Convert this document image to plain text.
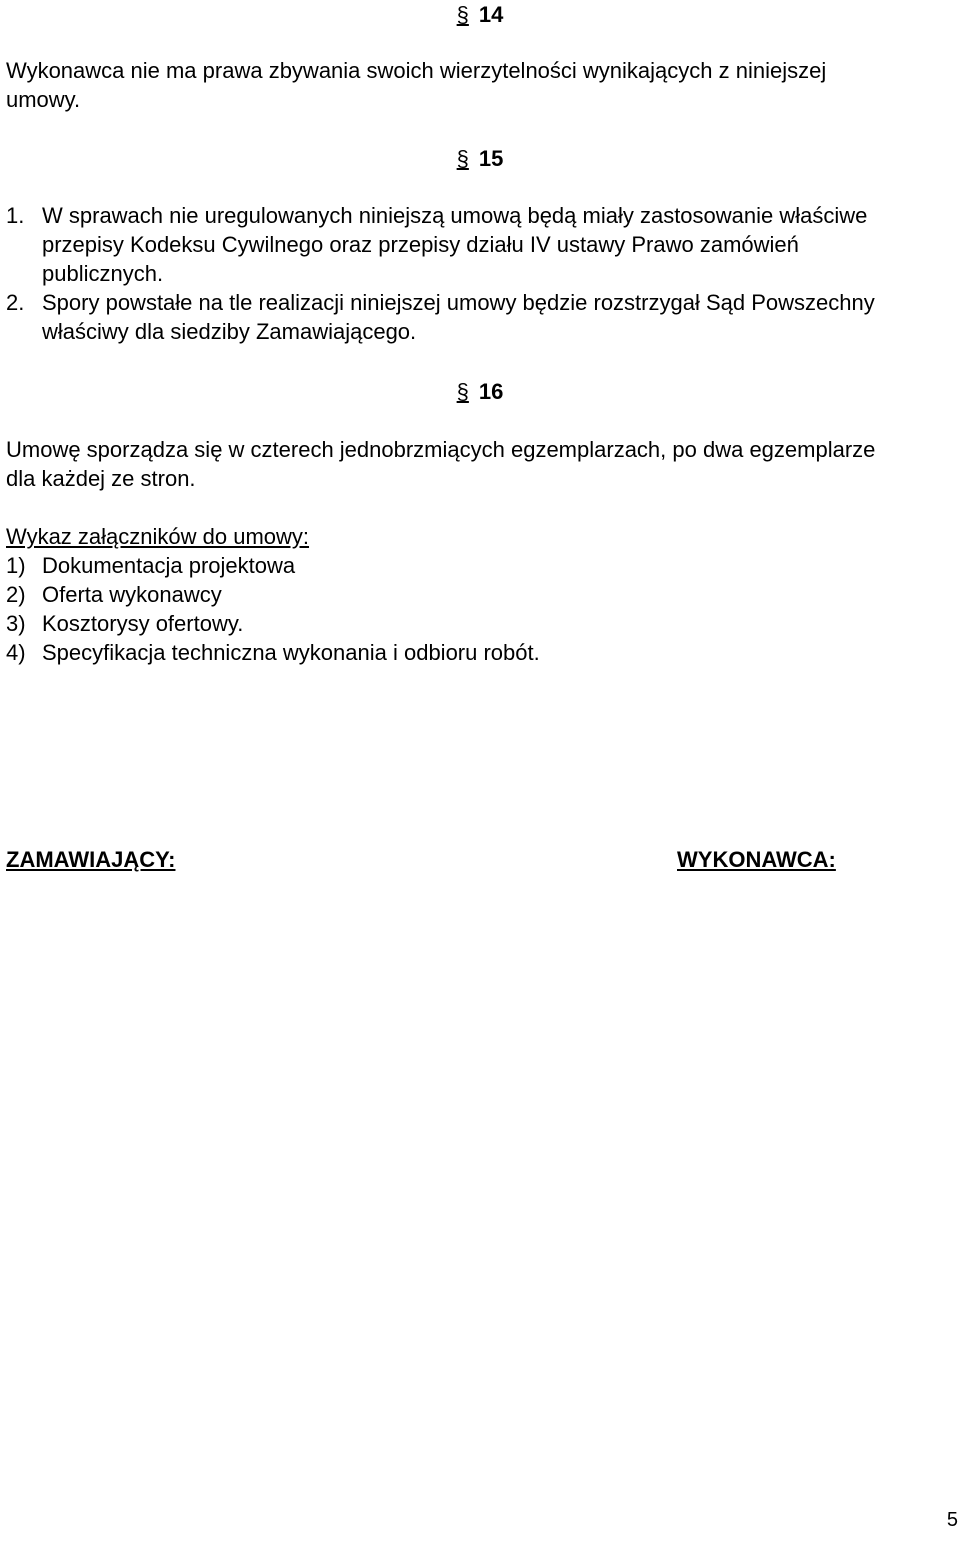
§ 14
Wykonawca nie ma prawa zbywania swoich wierzytelności wynikających z niniejszej umowy.
§ 15
1. W sprawach nie uregulowanych niniejszą umową będą miały zastosowanie właściwe przepisy Kodeksu Cywilnego oraz przepisy działu IV ustawy Prawo zamówień publicznych.
2. Spory powstałe na tle realizacji niniejszej umowy będzie rozstrzygał Sąd Powszechny właściwy dla siedziby Zamawiającego.
§ 16
Umowę sporządza się w czterech jednobrzmiących egzemplarzach, po dwa egzemplarze dla każdej ze stron.
Wykaz załączników do umowy:
1) Dokumentacja projektowa
2) Oferta wykonawcy
3) Kosztorysy ofertowy.
4) Specyfikacja techniczna wykonania i odbioru robót.
ZAMAWIAJĄCY:	WYKONAWCA:
5
